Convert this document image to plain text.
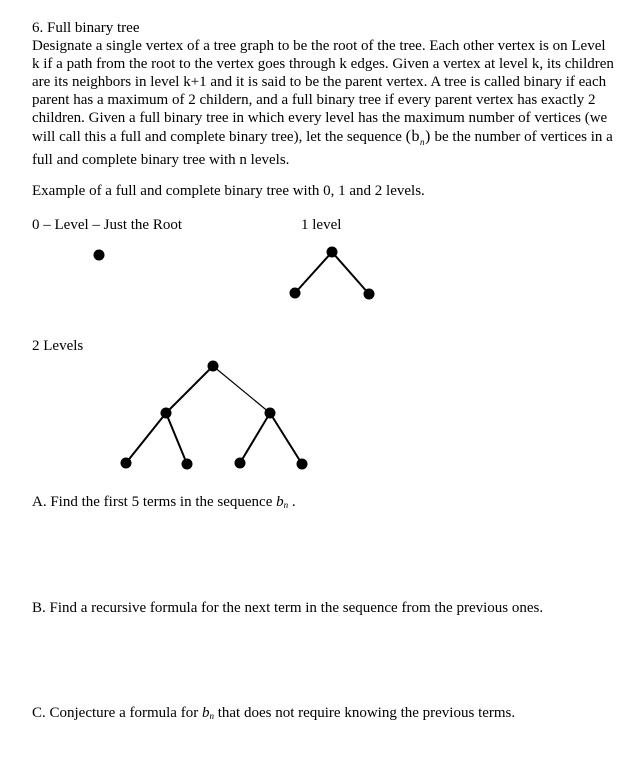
6. Full binary tree

Designate a single vertex of a tree graph to be the root of the tree. Each other vertex is on Level k if a path from the root to the vertex goes through k edges. Given a vertex at level k, its children are its neighbors in level k+1 and it is said to be the parent vertex. A tree is called binary if each parent has a maximum of 2 childern, and a full binary tree if every parent vertex has exactly 2 children. Given a full binary tree in which every level has the maximum number of vertices (we will call this a full and complete binary tree), let the sequence $(b_n)$ be the number of vertices in a full and complete binary tree with n levels.

Example of a full and complete binary tree with 0, 1 and 2 levels.
0 – Level – Just the Root	1 level
2 Levels
A. Find the first 5 terms in the sequence $b_n$ .
B. Find a recursive formula for the next term in the sequence from the previous ones.
C. Conjecture a formula for $b_n$ that does not require knowing the previous terms.
